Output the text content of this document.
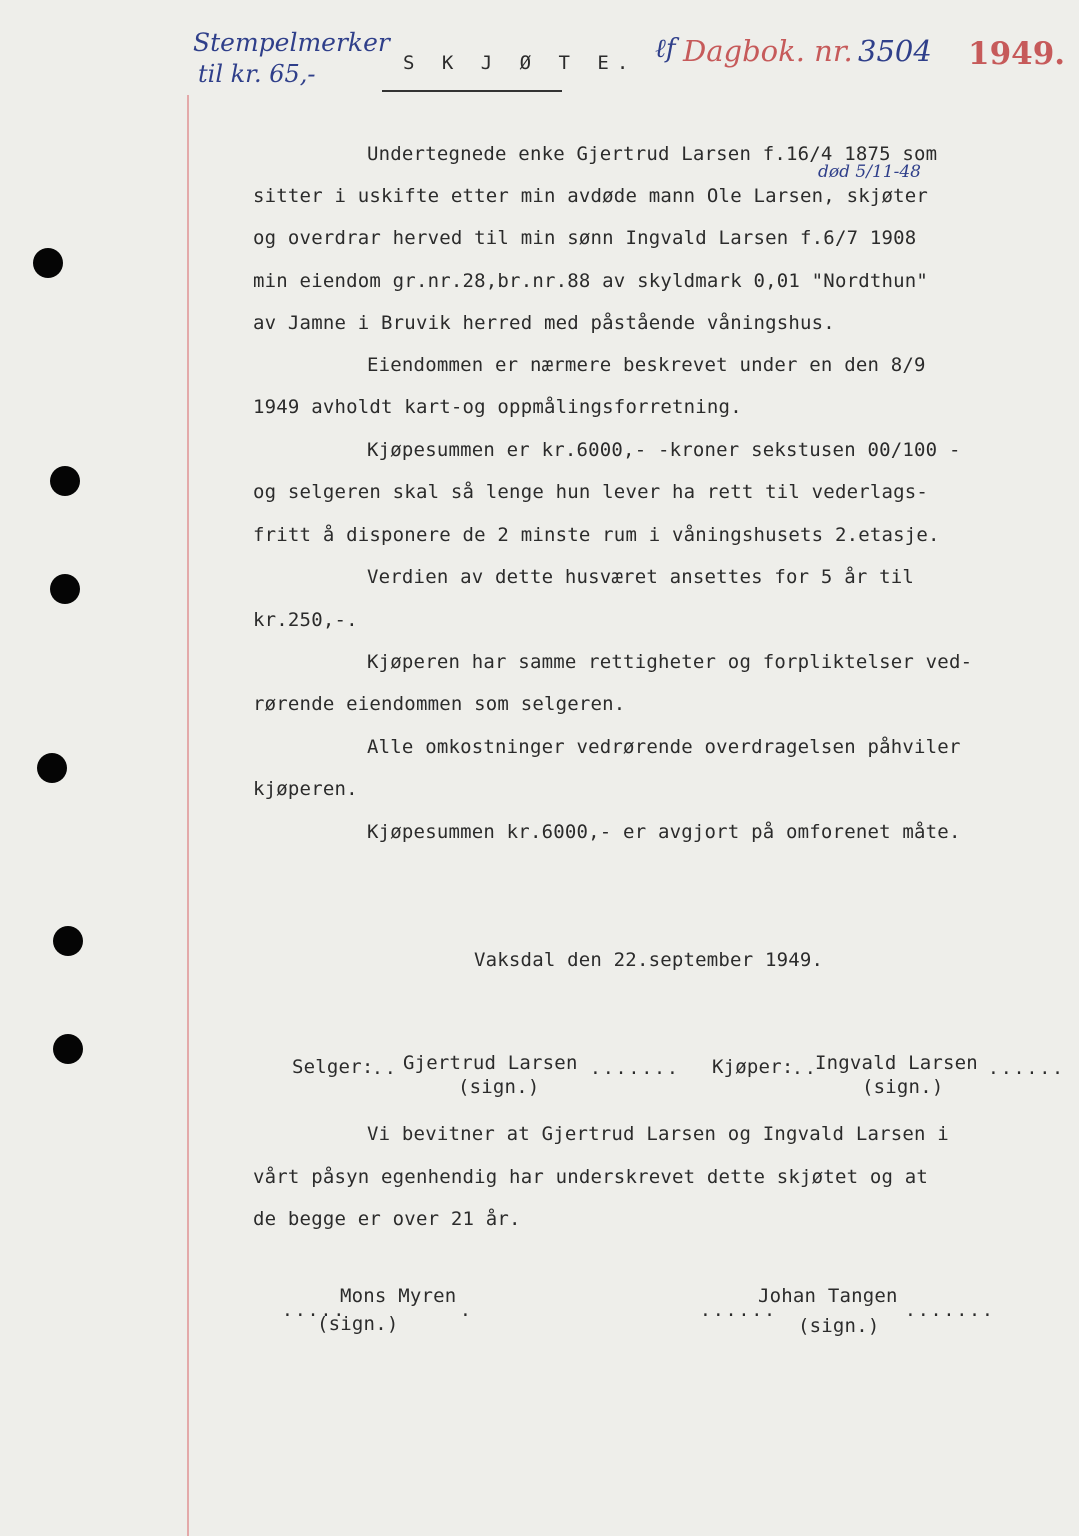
Stempelmerker
til kr. 65,-	S K J Ø T E. ℓf Dagbok. nr. 3504 1949.
død 5/11-48
Undertegnede enke Gjertrud Larsen f.16/4 1875 som
sitter i uskifte etter min avdøde mann Ole Larsen, skjøter
og overdrar herved til min sønn Ingvald Larsen f.6/7 1908
min eiendom gr.nr.28,br.nr.88 av skyldmark 0,01 "Nordthun"
av Jamne i Bruvik herred med påstående våningshus.
Eiendommen er nærmere beskrevet under en den 8/9
1949 avholdt kart-og oppmålingsforretning.
Kjøpesummen er kr.6000,- -kroner sekstusen 00/100 -
og selgeren skal så lenge hun lever ha rett til vederlags-
fritt å disponere de 2 minste rum i våningshusets 2.etasje.
Verdien av dette husværet ansettes for 5 år til
kr.250,-.
Kjøperen har samme rettigheter og forpliktelser ved-
rørende eiendommen som selgeren.
Alle omkostninger vedrørende overdragelsen påhviler
kjøperen.
Kjøpesummen kr.6000,- er avgjort på omforenet måte.
Vaksdal den 22.september 1949.
Selger:
.. Gjertrud Larsen .......
(sign.)
Kjøper:
..
Ingvald Larsen ......
(sign.)
Vi bevitner at Gjertrud Larsen og Ingvald Larsen i
vårt påsyn egenhendig har underskrevet dette skjøtet og at
de begge er over 21 år.
.....
Mons Myren
.
(sign.)
......
Johan Tangen
.......
(sign.)
